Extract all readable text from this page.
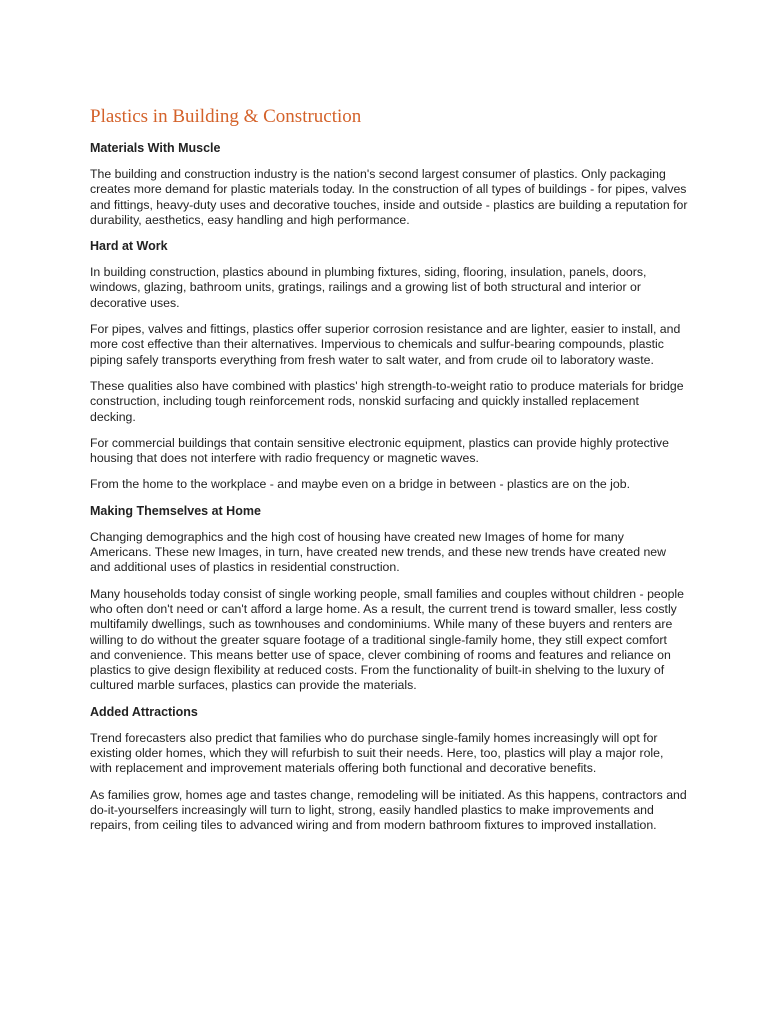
Plastics in Building & Construction
Materials With Muscle

The building and construction industry is the nation's second largest consumer of plastics. Only packaging creates more demand for plastic materials today. In the construction of all types of buildings - for pipes, valves and fittings, heavy-duty uses and decorative touches, inside and outside - plastics are building a reputation for durability, aesthetics, easy handling and high performance.

Hard at Work

In building construction, plastics abound in plumbing fixtures, siding, flooring, insulation, panels, doors, windows, glazing, bathroom units, gratings, railings and a growing list of both structural and interior or decorative uses.

For pipes, valves and fittings, plastics offer superior corrosion resistance and are lighter, easier to install, and more cost effective than their alternatives. Impervious to chemicals and sulfur-bearing compounds, plastic piping safely transports everything from fresh water to salt water, and from crude oil to laboratory waste.

These qualities also have combined with plastics' high strength-to-weight ratio to produce materials for bridge construction, including tough reinforcement rods, nonskid surfacing and quickly installed replacement decking.

For commercial buildings that contain sensitive electronic equipment, plastics can provide highly protective housing that does not interfere with radio frequency or magnetic waves.

From the home to the workplace - and maybe even on a bridge in between - plastics are on the job.

Making Themselves at Home

Changing demographics and the high cost of housing have created new Images of home for many Americans. These new Images, in turn, have created new trends, and these new trends have created new and additional uses of plastics in residential construction.

Many households today consist of single working people, small families and couples without children - people who often don't need or can't afford a large home. As a result, the current trend is toward smaller, less costly multifamily dwellings, such as townhouses and condominiums. While many of these buyers and renters are willing to do without the greater square footage of a traditional single-family home, they still expect comfort and convenience. This means better use of space, clever combining of rooms and features and reliance on plastics to give design flexibility at reduced costs. From the functionality of built-in shelving to the luxury of cultured marble surfaces, plastics can provide the materials.

Added Attractions

Trend forecasters also predict that families who do purchase single-family homes increasingly will opt for existing older homes, which they will refurbish to suit their needs. Here, too, plastics will play a major role, with replacement and improvement materials offering both functional and decorative benefits.

As families grow, homes age and tastes change, remodeling will be initiated. As this happens, contractors and do-it-yourselfers increasingly will turn to light, strong, easily handled plastics to make improvements and repairs, from ceiling tiles to advanced wiring and from modern bathroom fixtures to improved installation.
